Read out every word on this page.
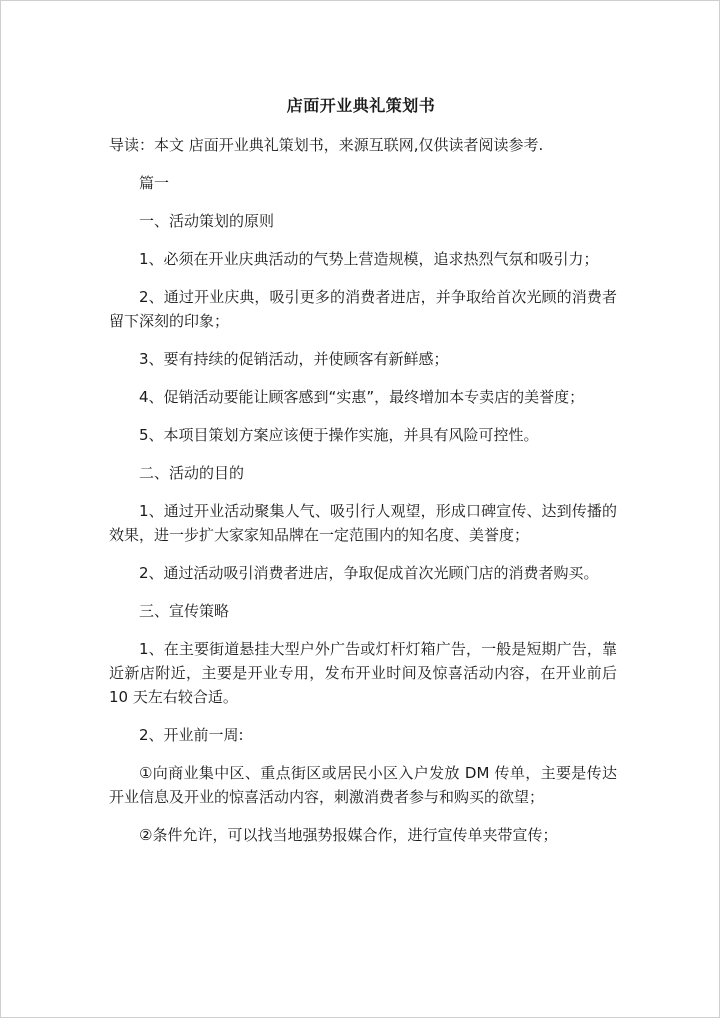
店面开业典礼策划书

导读：本文 店面开业典礼策划书，来源互联网,仅供读者阅读参考.

篇一

一、活动策划的原则

1、必须在开业庆典活动的气势上营造规模，追求热烈气氛和吸引力；

2、通过开业庆典，吸引更多的消费者进店，并争取给首次光顾的消费者留下深刻的印象；

3、要有持续的促销活动，并使顾客有新鲜感；

4、促销活动要能让顾客感到“实惠”，最终增加本专卖店的美誉度；

5、本项目策划方案应该便于操作实施，并具有风险可控性。

二、活动的目的

1、通过开业活动聚集人气、吸引行人观望，形成口碑宣传、达到传播的效果，进一步扩大家家知品牌在一定范围内的知名度、美誉度；

2、通过活动吸引消费者进店，争取促成首次光顾门店的消费者购买。

三、宣传策略

1、在主要街道悬挂大型户外广告或灯杆灯箱广告，一般是短期广告，靠近新店附近，主要是开业专用，发布开业时间及惊喜活动内容，在开业前后 10 天左右较合适。

2、开业前一周:

①向商业集中区、重点街区或居民小区入户发放 DM 传单，主要是传达开业信息及开业的惊喜活动内容，刺激消费者参与和购买的欲望；

②条件允许，可以找当地强势报媒合作，进行宣传单夹带宣传；
